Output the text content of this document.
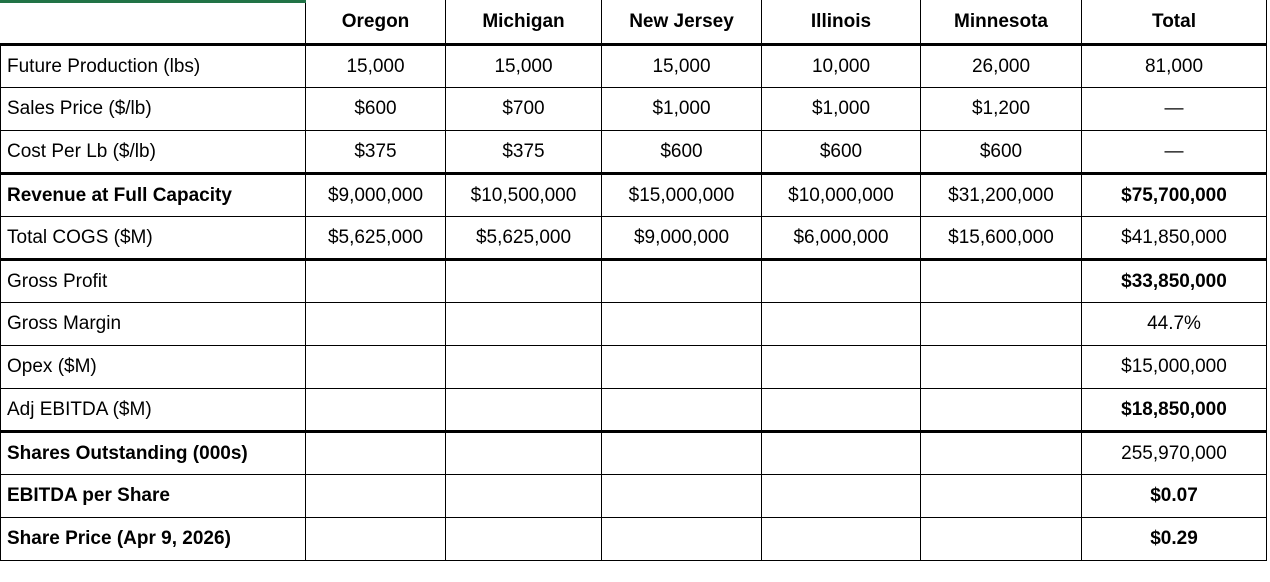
	Oregon	Michigan	New Jersey	Illinois	Minnesota	Total
Future Production (lbs)	15,000	15,000	15,000	10,000	26,000	81,000
Sales Price ($/lb)	$600	$700	$1,000	$1,000	$1,200	—
Cost Per Lb ($/lb)	$375	$375	$600	$600	$600	—
Revenue at Full Capacity	$9,000,000	$10,500,000	$15,000,000	$10,000,000	$31,200,000	$75,700,000
Total COGS ($M)	$5,625,000	$5,625,000	$9,000,000	$6,000,000	$15,600,000	$41,850,000
Gross Profit						$33,850,000
Gross Margin						44.7%
Opex ($M)						$15,000,000
Adj EBITDA ($M)						$18,850,000
Shares Outstanding (000s)						255,970,000
EBITDA per Share						$0.07
Share Price (Apr 9, 2026)						$0.29
